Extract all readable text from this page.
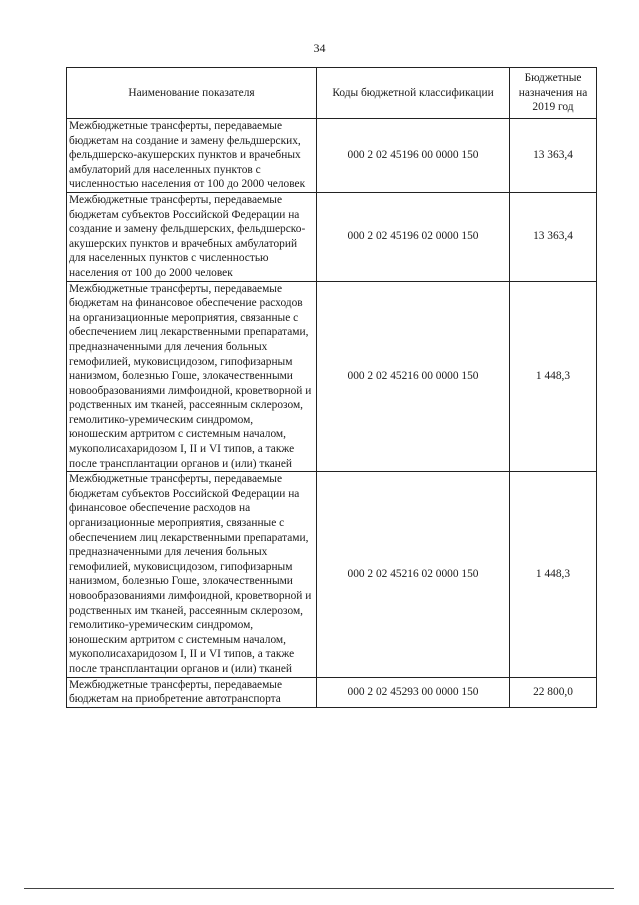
34
Наименование показателя	Коды бюджетной классификации	Бюджетные назначения на 2019 год
Межбюджетные трансферты, передаваемые бюджетам на создание и замену фельдшерских, фельдшерско-акушерских пунктов и врачебных амбулаторий для населенных пунктов с численностью населения от 100 до 2000 человек	000 2 02 45196 00 0000 150	13 363,4
Межбюджетные трансферты, передаваемые бюджетам субъектов Российской Федерации на создание и замену фельдшерских, фельдшерско-акушерских пунктов и врачебных амбулаторий для населенных пунктов с численностью населения от 100 до 2000 человек	000 2 02 45196 02 0000 150	13 363,4
Межбюджетные трансферты, передаваемые бюджетам на финансовое обеспечение расходов на организационные мероприятия, связанные с обеспечением лиц лекарственными препаратами, предназначенными для лечения больных гемофилией, муковисцидозом, гипофизарным нанизмом, болезнью Гоше, злокачественными новообразованиями лимфоидной, кроветворной и родственных им тканей, рассеянным склерозом, гемолитико-уремическим синдромом, юношеским артритом с системным началом, мукополисахаридозом I, II и VI типов, а также после трансплантации органов и (или) тканей	000 2 02 45216 00 0000 150	1 448,3
Межбюджетные трансферты, передаваемые бюджетам субъектов Российской Федерации на финансовое обеспечение расходов на организационные мероприятия, связанные с обеспечением лиц лекарственными препаратами, предназначенными для лечения больных гемофилией, муковисцидозом, гипофизарным нанизмом, болезнью Гоше, злокачественными новообразованиями лимфоидной, кроветворной и родственных им тканей, рассеянным склерозом, гемолитико-уремическим синдромом, юношеским артритом с системным началом, мукополисахаридозом I, II и VI типов, а также после трансплантации органов и (или) тканей	000 2 02 45216 02 0000 150	1 448,3
Межбюджетные трансферты, передаваемые бюджетам на приобретение автотранспорта	000 2 02 45293 00 0000 150	22 800,0
